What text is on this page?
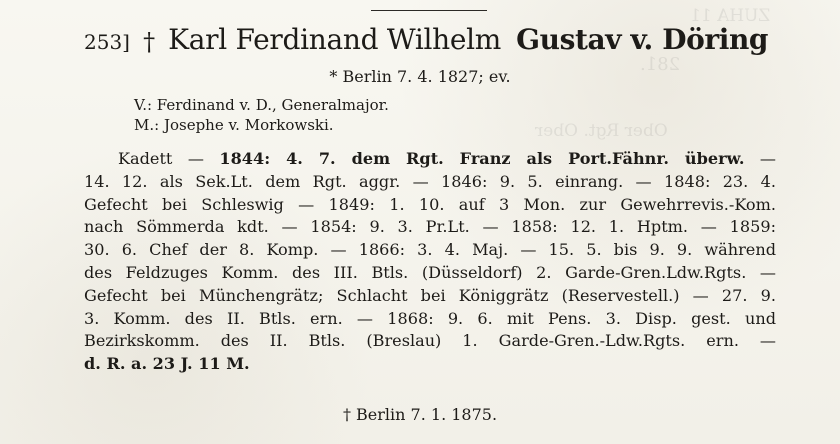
ZUHA 11
281.
Ober Rgt. Ober
253] † Karl Ferdinand Wilhelm Gustav v. Döring
* Berlin 7. 4. 1827; ev.
V.: Ferdinand v. D., Generalmajor.
M.: Josephe v. Morkowski.
Kadett — 1844: 4. 7. dem Rgt. Franz als Port.Fähnr. überw. —
14. 12. als Sek.Lt. dem Rgt. aggr. — 1846: 9. 5. einrang. — 1848: 23. 4.
Gefecht bei Schleswig — 1849: 1. 10. auf 3 Mon. zur Gewehrrevis.-Kom.
nach Sömmerda kdt. — 1854: 9. 3. Pr.Lt. — 1858: 12. 1. Hptm. — 1859:
30. 6. Chef der 8. Komp. — 1866: 3. 4. Maj. — 15. 5. bis 9. 9. während
des Feldzuges Komm. des III. Btls. (Düsseldorf) 2. Garde-Gren.Ldw.Rgts. —
Gefecht bei Münchengrätz; Schlacht bei Königgrätz (Reservestell.) — 27. 9.
3. Komm. des II. Btls. ern. — 1868: 9. 6. mit Pens. 3. Disp. gest. und
Bezirkskomm. des II. Btls. (Breslau) 1. Garde-Gren.-Ldw.Rgts. ern. —
d. R. a. 23 J. 11 M.
† Berlin 7. 1. 1875.
